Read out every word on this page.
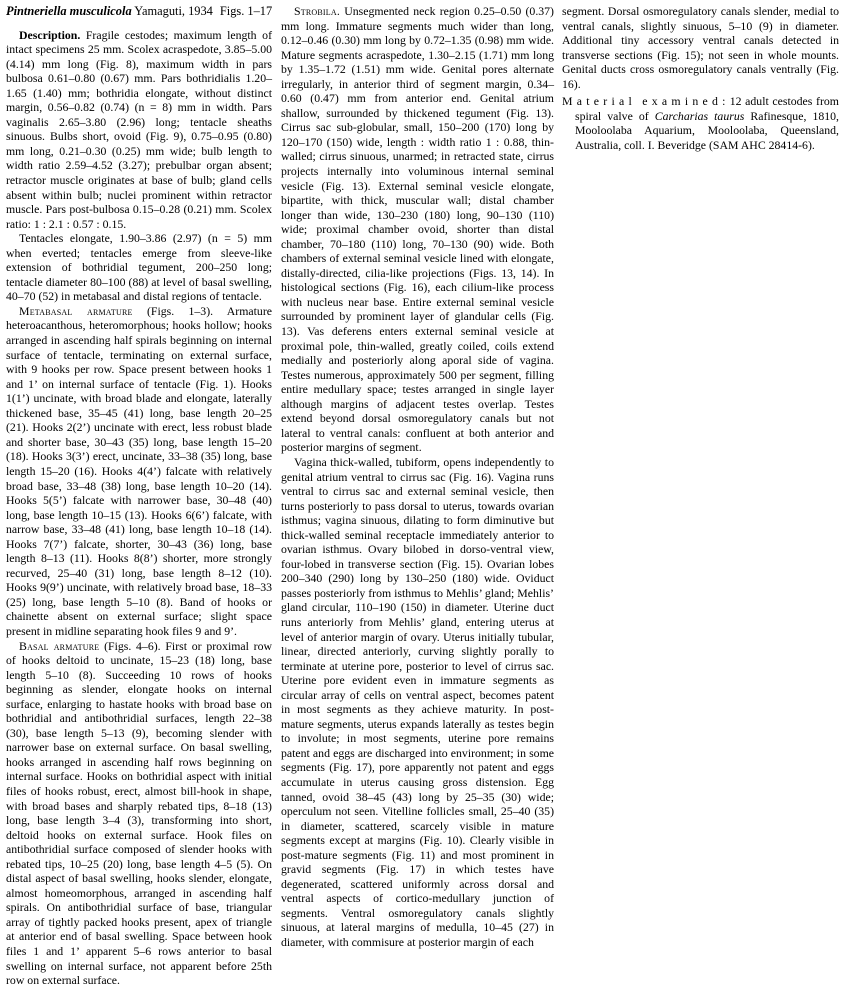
Pintneriella musculicola Yamaguti, 1934 Figs. 1–17

Description. Fragile cestodes; maximum length of intact specimens 25 mm. Scolex acraspedote, 3.85–5.00 (4.14) mm long (Fig. 8), maximum width in pars bulbosa 0.61–0.80 (0.67) mm. Pars bothridialis 1.20–1.65 (1.40) mm; bothridia elongate, without distinct margin, 0.56–0.82 (0.74) (n = 8) mm in width. Pars vaginalis 2.65–3.80 (2.96) long; tentacle sheaths sinuous. Bulbs short, ovoid (Fig. 9), 0.75–0.95 (0.80) mm long, 0.21–0.30 (0.25) mm wide; bulb length to width ratio 2.59–4.52 (3.27); prebulbar organ absent; retractor muscle originates at base of bulb; gland cells absent within bulb; nuclei prominent within retractor muscle. Pars post-bulbosa 0.15–0.28 (0.21) mm. Scolex ratio: 1 : 2.1 : 0.57 : 0.15.

Tentacles elongate, 1.90–3.86 (2.97) (n = 5) mm when everted; tentacles emerge from sleeve-like extension of bothridial tegument, 200–250 long; tentacle diameter 80–100 (88) at level of basal swelling, 40–70 (52) in metabasal and distal regions of tentacle.

Metabasal armature (Figs. 1–3). Armature heteroacanthous, heteromorphous; hooks hollow; hooks arranged in ascending half spirals beginning on internal surface of tentacle, terminating on external surface, with 9 hooks per row. Space present between hooks 1 and 1’ on internal surface of tentacle (Fig. 1). Hooks 1(1’) uncinate, with broad blade and elongate, laterally thickened base, 35–45 (41) long, base length 20–25 (21). Hooks 2(2’) uncinate with erect, less robust blade and shorter base, 30–43 (35) long, base length 15–20 (18). Hooks 3(3’) erect, uncinate, 33–38 (35) long, base length 15–20 (16). Hooks 4(4’) falcate with relatively broad base, 33–48 (38) long, base length 10–20 (14). Hooks 5(5’) falcate with narrower base, 30–48 (40) long, base length 10–15 (13). Hooks 6(6’) falcate, with narrow base, 33–48 (41) long, base length 10–18 (14). Hooks 7(7’) falcate, shorter, 30–43 (36) long, base length 8–13 (11). Hooks 8(8’) shorter, more strongly recurved, 25–40 (31) long, base length 8–12 (10). Hooks 9(9’) uncinate, with relatively broad base, 18–33 (25) long, base length 5–10 (8). Band of hooks or chainette absent on external surface; slight space present in midline separating hook files 9 and 9’.

Basal armature (Figs. 4–6). First or proximal row of hooks deltoid to uncinate, 15–23 (18) long, base length 5–10 (8). Succeeding 10 rows of hooks beginning as slender, elongate hooks on internal surface, enlarging to hastate hooks with broad base on bothridial and antibothridial surfaces, length 22–38 (30), base length 5–13 (9), becoming slender with narrower base on external surface. On basal swelling, hooks arranged in ascending half rows beginning on internal surface. Hooks on bothridial aspect with initial files of hooks robust, erect, almost bill-hook in shape, with broad bases and sharply rebated tips, 8–18 (13) long, base length 3–4 (3), transforming into short, deltoid hooks on external surface. Hook files on antibothridial surface composed of slender hooks with rebated tips, 10–25 (20) long, base length 4–5 (5). On distal aspect of basal swelling, hooks slender, elongate, almost homeomorphous, arranged in ascending half spirals. On antibothridial surface of base, triangular array of tightly packed hooks present, apex of triangle at anterior end of basal swelling. Space between hook files 1 and 1’ apparent 5–6 rows anterior to basal swelling on internal surface, not apparent before 25th row on external surface.

Strobila. Unsegmented neck region 0.25–0.50 (0.37) mm long. Immature segments much wider than long, 0.12–0.46 (0.30) mm long by 0.72–1.35 (0.98) mm wide. Mature segments acraspedote, 1.30–2.15 (1.71) mm long by 1.35–1.72 (1.51) mm wide. Genital pores alternate irregularly, in anterior third of segment margin, 0.34–0.60 (0.47) mm from anterior end. Genital atrium shallow, surrounded by thickened tegument (Fig. 13). Cirrus sac sub-globular, small, 150–200 (170) long by 120–170 (150) wide, length : width ratio 1 : 0.88, thin-walled; cirrus sinuous, unarmed; in retracted state, cirrus projects internally into voluminous internal seminal vesicle (Fig. 13). External seminal vesicle elongate, bipartite, with thick, muscular wall; distal chamber longer than wide, 130–230 (180) long, 90–130 (110) wide; proximal chamber ovoid, shorter than distal chamber, 70–180 (110) long, 70–130 (90) wide. Both chambers of external seminal vesicle lined with elongate, distally-directed, cilia-like projections (Figs. 13, 14). In histological sections (Fig. 16), each cilium-like process with nucleus near base. Entire external seminal vesicle surrounded by prominent layer of glandular cells (Fig. 13). Vas deferens enters external seminal vesicle at proximal pole, thin-walled, greatly coiled, coils extend medially and posteriorly along aporal side of vagina. Testes numerous, approximately 500 per segment, filling entire medullary space; testes arranged in single layer although margins of adjacent testes overlap. Testes extend beyond dorsal osmoregulatory canals but not lateral to ventral canals: confluent at both anterior and posterior margins of segment.

Vagina thick-walled, tubiform, opens independently to genital atrium ventral to cirrus sac (Fig. 16). Vagina runs ventral to cirrus sac and external seminal vesicle, then turns posteriorly to pass dorsal to uterus, towards ovarian isthmus; vagina sinuous, dilating to form diminutive but thick-walled seminal receptacle immediately anterior to ovarian isthmus. Ovary bilobed in dorso-ventral view, four-lobed in transverse section (Fig. 15). Ovarian lobes 200–340 (290) long by 130–250 (180) wide. Oviduct passes posteriorly from isthmus to Mehlis’ gland; Mehlis’ gland circular, 110–190 (150) in diameter. Uterine duct runs anteriorly from Mehlis’ gland, entering uterus at level of anterior margin of ovary. Uterus initially tubular, linear, directed anteriorly, curving slightly porally to terminate at uterine pore, posterior to level of cirrus sac. Uterine pore evident even in immature segments as circular array of cells on ventral aspect, becomes patent in most segments as they achieve maturity. In post-mature segments, uterus expands laterally as testes begin to involute; in most segments, uterine pore remains patent and eggs are discharged into environment; in some segments (Fig. 17), pore apparently not patent and eggs accumulate in uterus causing gross distension. Egg tanned, ovoid 38–45 (43) long by 25–35 (30) wide; operculum not seen. Vitelline follicles small, 25–40 (35) in diameter, scattered, scarcely visible in mature segments except at margins (Fig. 10). Clearly visible in post-mature segments (Fig. 11) and most prominent in gravid segments (Fig. 17) in which testes have degenerated, scattered uniformly across dorsal and ventral aspects of cortico-medullary junction of segments. Ventral osmoregulatory canals slightly sinuous, at lateral margins of medulla, 10–45 (27) in diameter, with commisure at posterior margin of each

segment. Dorsal osmoregulatory canals slender, medial to ventral canals, slightly sinuous, 5–10 (9) in diameter. Additional tiny accessory ventral canals detected in transverse sections (Fig. 15); not seen in whole mounts. Genital ducts cross osmoregulatory canals ventrally (Fig. 16).

M a t e r i a l  e x a m i n e d : 12 adult cestodes from spiral valve of Carcharias taurus Rafinesque, 1810, Mooloolaba Aquarium, Mooloolaba, Queensland, Australia, coll. I. Beveridge (SAM AHC 28414-6).
